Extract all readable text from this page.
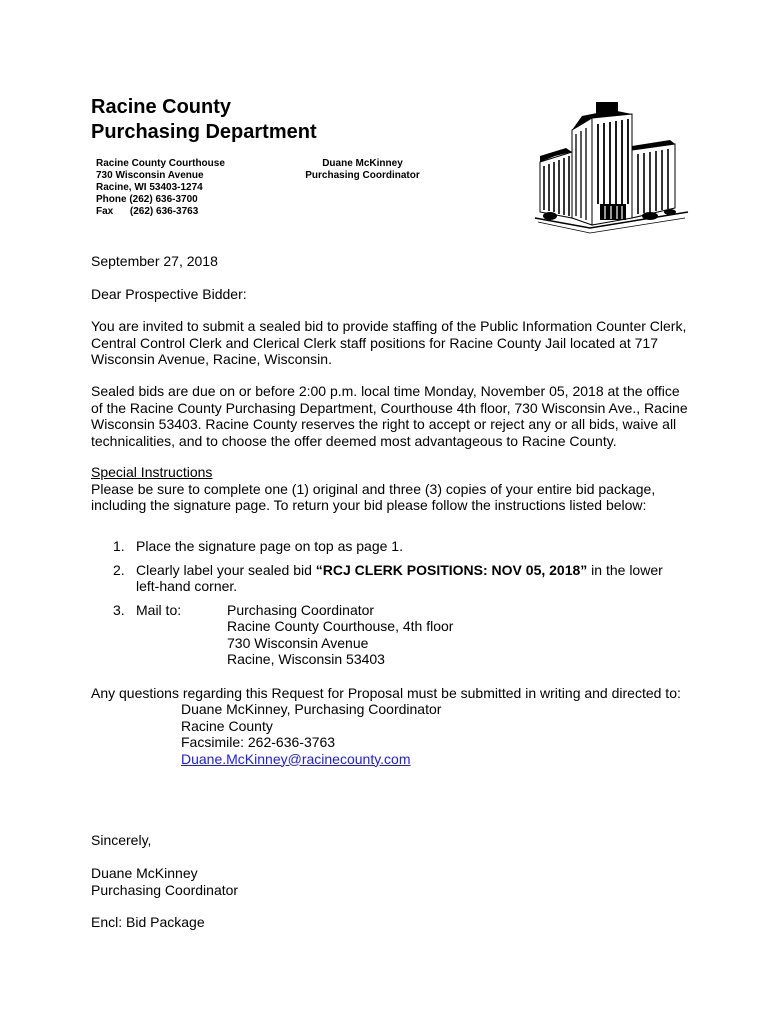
Racine County
Purchasing Department
Racine County Courthouse
730 Wisconsin Avenue
Racine, WI 53403-1274
Phone (262) 636-3700
Fax      (262) 636-3763
Duane McKinney
Purchasing Coordinator
September 27, 2018
Dear Prospective Bidder:
You are invited to submit a sealed bid to provide staffing of the Public Information Counter Clerk, Central Control Clerk and Clerical Clerk staff positions for Racine County Jail located at 717 Wisconsin Avenue, Racine, Wisconsin.
Sealed bids are due on or before 2:00 p.m. local time Monday, November 05, 2018 at the office of the Racine County Purchasing Department, Courthouse 4th floor, 730 Wisconsin Ave., Racine Wisconsin 53403. Racine County reserves the right to accept or reject any or all bids, waive all technicalities, and to choose the offer deemed most advantageous to Racine County.
Special Instructions
Please be sure to complete one (1) original and three (3) copies of your entire bid package, including the signature page. To return your bid please follow the instructions listed below:
1. Place the signature page on top as page 1.
2. Clearly label your sealed bid “RCJ CLERK POSITIONS: NOV 05, 2018” in the lower left-hand corner.
3. Mail to:	Purchasing Coordinator
Racine County Courthouse, 4th floor
730 Wisconsin Avenue
Racine, Wisconsin 53403
Any questions regarding this Request for Proposal must be submitted in writing and directed to:
Duane McKinney, Purchasing Coordinator
Racine County
Facsimile: 262-636-3763
Duane.McKinney@racinecounty.com
Sincerely,
Duane McKinney
Purchasing Coordinator
Encl: Bid Package
